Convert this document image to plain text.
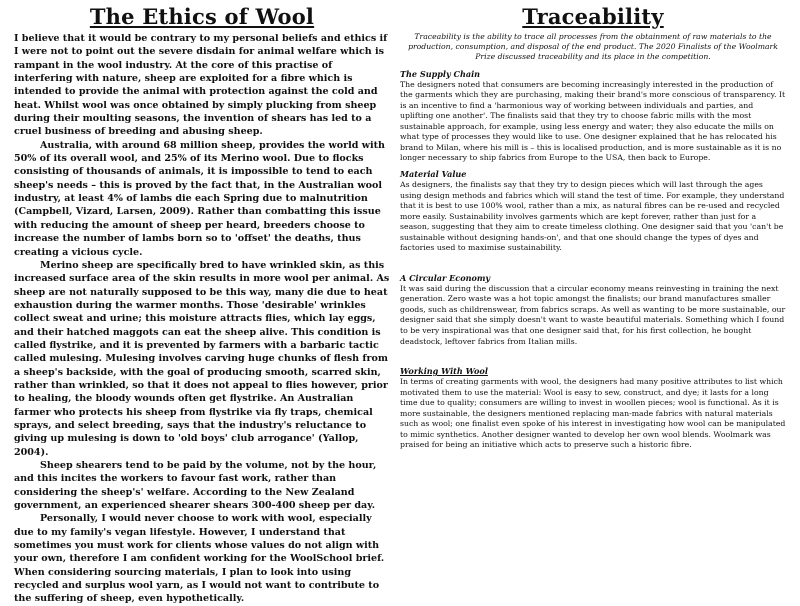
The Ethics of Wool

I believe that it would be contrary to my personal beliefs and ethics if I were not to point out the severe disdain for animal welfare which is rampant in the wool industry. At the core of this practise of interfering with nature, sheep are exploited for a fibre which is intended to provide the animal with protection against the cold and heat. Whilst wool was once obtained by simply plucking from sheep during their moulting seasons, the invention of shears has led to a cruel business of breeding and abusing sheep.

Australia, with around 68 million sheep, provides the world with 50% of its overall wool, and 25% of its Merino wool. Due to flocks consisting of thousands of animals, it is impossible to tend to each sheep's needs – this is proved by the fact that, in the Australian wool industry, at least 4% of lambs die each Spring due to malnutrition (Campbell, Vizard, Larsen, 2009). Rather than combatting this issue with reducing the amount of sheep per heard, breeders choose to increase the number of lambs born so to 'offset' the deaths, thus creating a vicious cycle.

Merino sheep are specifically bred to have wrinkled skin, as this increased surface area of the skin results in more wool per animal. As sheep are not naturally supposed to be this way, many die due to heat exhaustion during the warmer months. Those 'desirable' wrinkles collect sweat and urine; this moisture attracts flies, which lay eggs, and their hatched maggots can eat the sheep alive. This condition is called flystrike, and it is prevented by farmers with a barbaric tactic called mulesing. Mulesing involves carving huge chunks of flesh from a sheep's backside, with the goal of producing smooth, scarred skin, rather than wrinkled, so that it does not appeal to flies however, prior to healing, the bloody wounds often get flystrike. An Australian farmer who protects his sheep from flystrike via fly traps, chemical sprays, and select breeding, says that the industry's reluctance to giving up mulesing is down to 'old boys' club arrogance' (Yallop, 2004).

Sheep shearers tend to be paid by the volume, not by the hour, and this incites the workers to favour fast work, rather than considering the sheep's' welfare. According to the New Zealand government, an experienced shearer shears 300-400 sheep per day.

Personally, I would never choose to work with wool, especially due to my family's vegan lifestyle. However, I understand that sometimes you must work for clients whose values do not align with your own, therefore I am confident working for the WoolSchool brief. When considering sourcing materials, I plan to look into using recycled and surplus wool yarn, as I would not want to contribute to the suffering of sheep, even hypothetically.

Traceability
Traceability is the ability to trace all processes from the obtainment of raw materials to the production, consumption, and disposal of the end product. The 2020 Finalists of the Woolmark Prize discussed traceability and its place in the competition.
The Supply Chain

The designers noted that consumers are becoming increasingly interested in the production of the garments which they are purchasing, making their brand's more conscious of transparency. It is an incentive to find a 'harmonious way of working between individuals and parties, and uplifting one another'. The finalists said that they try to choose fabric mills with the most sustainable approach, for example, using less energy and water; they also educate the mills on what type of processes they would like to use. One designer explained that he has relocated his brand to Milan, where his mill is – this is localised production, and is more sustainable as it is no longer necessary to ship fabrics from Europe to the USA, then back to Europe.

Material Value

As designers, the finalists say that they try to design pieces which will last through the ages using design methods and fabrics which will stand the test of time. For example, they understand that it is best to use 100% wool, rather than a mix, as natural fibres can be re-used and recycled more easily. Sustainability involves garments which are kept forever, rather than just for a season, suggesting that they aim to create timeless clothing. One designer said that you 'can't be sustainable without designing hands-on', and that one should change the types of dyes and factories used to maximise sustainability.

A Circular Economy

It was said during the discussion that a circular economy means reinvesting in training the next generation. Zero waste was a hot topic amongst the finalists; our brand manufactures smaller goods, such as childrenswear, from fabrics scraps. As well as wanting to be more sustainable, our designer said that she simply doesn't want to waste beautiful materials. Something which I found to be very inspirational was that one designer said that, for his first collection, he bought deadstock, leftover fabrics from Italian mills.

Working With Wool

In terms of creating garments with wool, the designers had many positive attributes to list which motivated them to use the material: Wool is easy to sew, construct, and dye; it lasts for a long time due to quality; consumers are willing to invest in woollen pieces; wool is functional. As it is more sustainable, the designers mentioned replacing man-made fabrics with natural materials such as wool; one finalist even spoke of his interest in investigating how wool can be manipulated to mimic synthetics. Another designer wanted to develop her own wool blends. Woolmark was praised for being an initiative which acts to preserve such a historic fibre.
